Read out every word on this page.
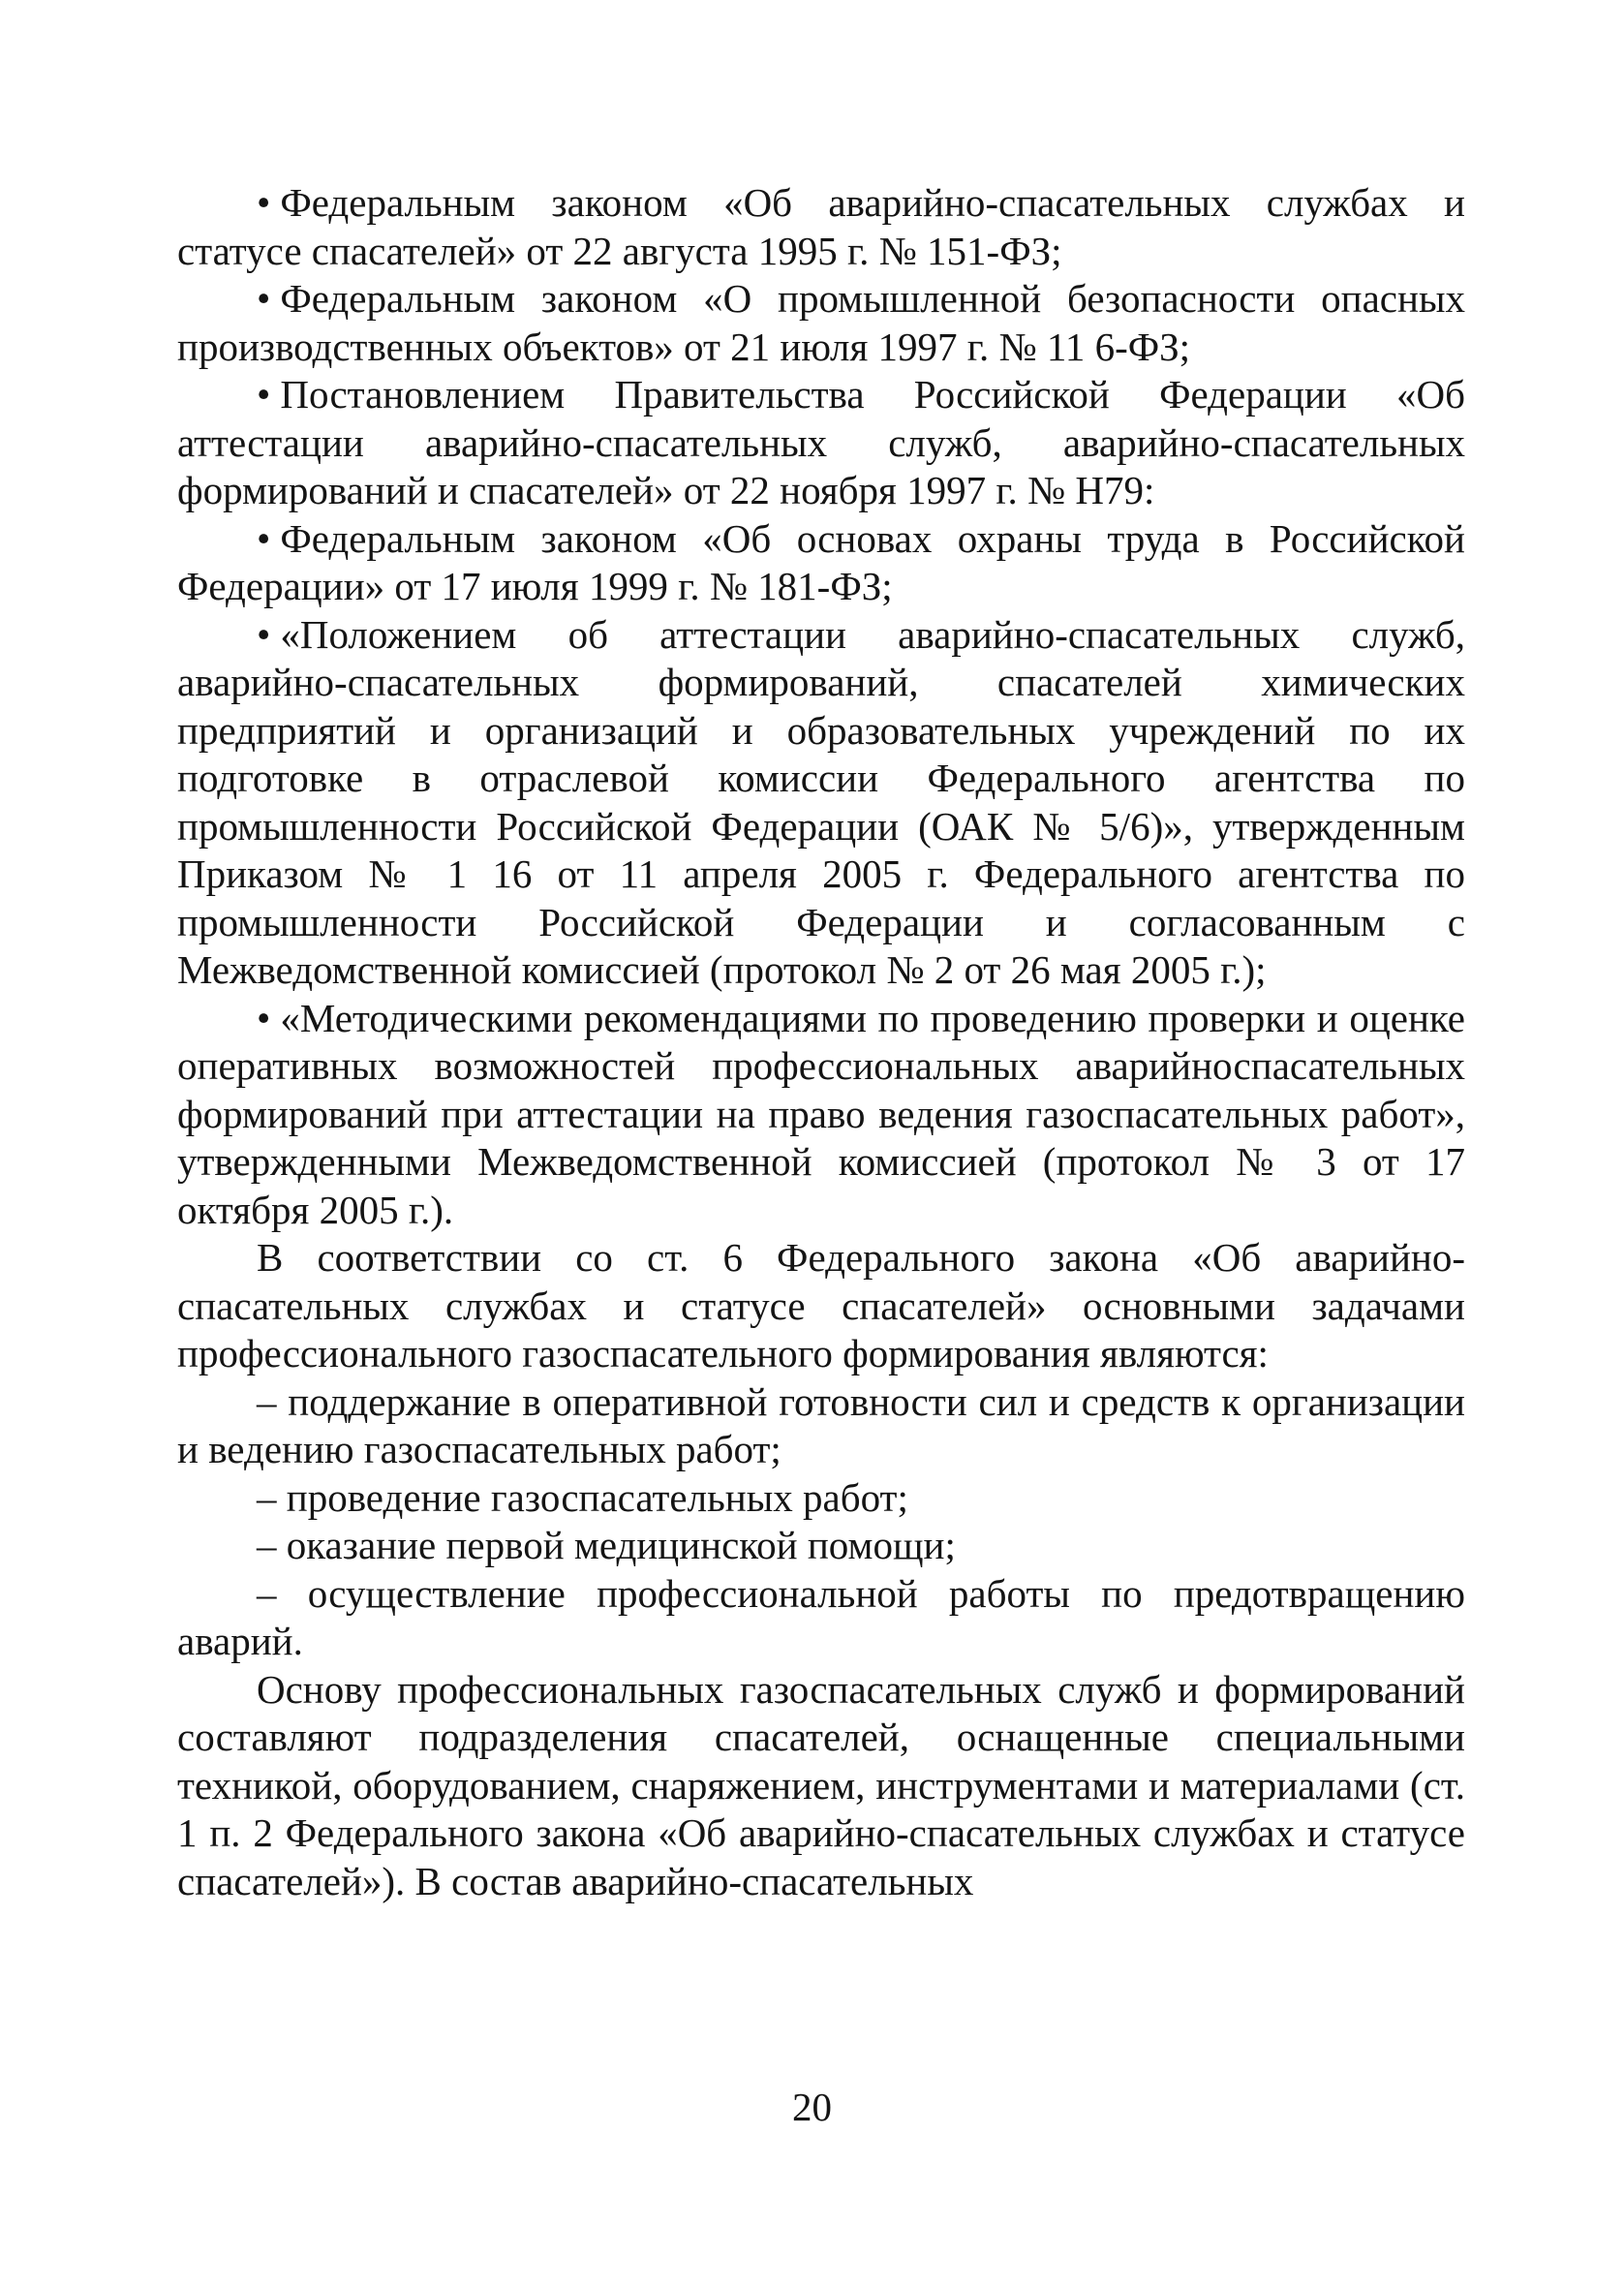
• Федеральным законом «Об аварийно-спасательных службах и статусе спасателей» от 22 августа 1995 г. № 151-ФЗ;

• Федеральным законом «О промышленной безопасности опасных производственных объектов» от 21 июля 1997 г. № 11 6-ФЗ;

• Постановлением Правительства Российской Федерации «Об аттестации аварийно-спасательных служб, аварийно-спасательных формирований и спасателей» от 22 ноября 1997 г. № Н79:

• Федеральным законом «Об основах охраны труда в Российской Федерации» от 17 июля 1999 г. № 181-ФЗ;

• «Положением об аттестации аварийно-спасательных служб, аварийно-спасательных формирований, спасателей химических предприятий и организаций и образовательных учреждений по их подготовке в отраслевой комиссии Федерального агентства по промышленности Российской Федерации (ОАК № 5/6)», утвержденным Приказом № 1 16 от 11 апреля 2005 г. Федерального агентства по промышленности Российской Федерации и согласованным с Межведомственной комиссией (протокол № 2 от 26 мая 2005 г.);

• «Методическими рекомендациями по проведению проверки и оценке оперативных возможностей профессиональных аварийноспасательных формирований при аттестации на право ведения газоспасательных работ», утвержденными Межведомственной комиссией (протокол № 3 от 17 октября 2005 г.).

В соответствии со ст. 6 Федерального закона «Об аварийно-спасательных службах и статусе спасателей» основными задачами профессионального газоспасательного формирования являются:

– поддержание в оперативной готовности сил и средств к организации и ведению газоспасательных работ;

– проведение газоспасательных работ;

– оказание первой медицинской помощи;

– осуществление профессиональной работы по предотвращению аварий.

Основу профессиональных газоспасательных служб и формирований составляют подразделения спасателей, оснащенные специальными техникой, оборудованием, снаряжением, инструментами и материалами (ст. 1 п. 2 Федерального закона «Об аварийно-спасательных службах и статусе спасателей»). В состав аварийно-спасательных

20
